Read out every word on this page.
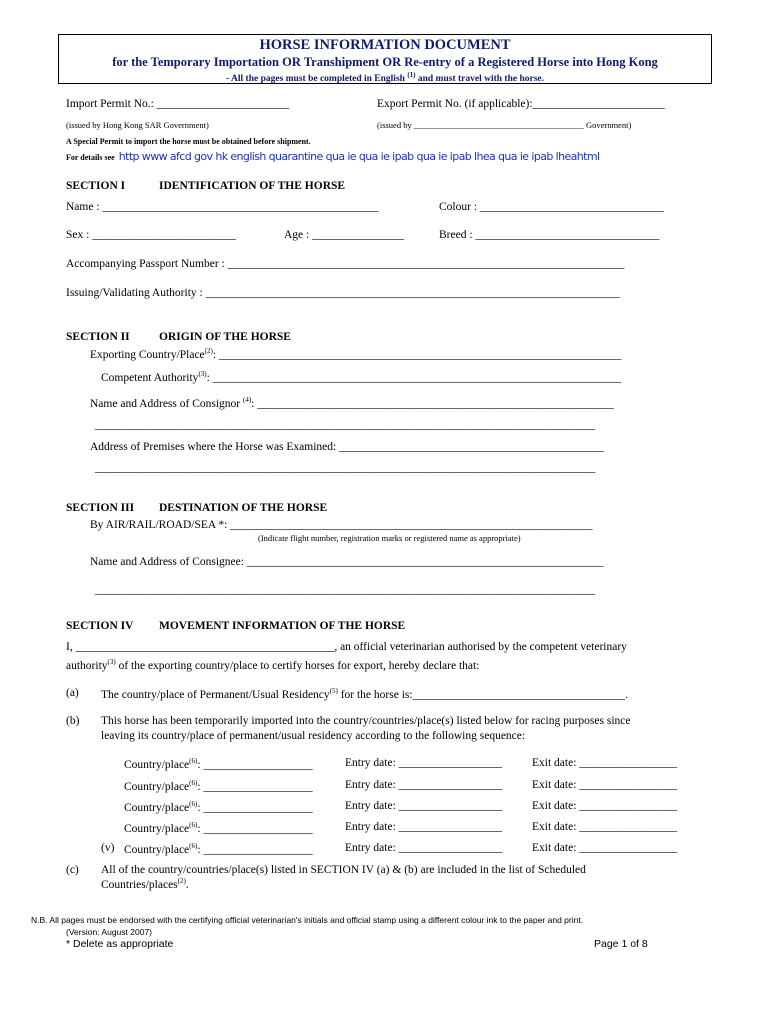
HORSE INFORMATION DOCUMENT
for the Temporary Importation OR Transhipment OR Re-entry of a Registered Horse into Hong Kong
- All the pages must be completed in English $^{(1)}$ and must travel with the horse.
Import Permit No.: _______________________	Export Permit No. (if applicable):_______________________
(issued by Hong Kong SAR Government)	(issued by ________________________________________ Government)
A Special Permit to import the horse must be obtained before shipment.
For details see http www afcd gov hk english quarantine qua ie qua ie ipab qua ie ipab lhea qua ie ipab lheahtml
SECTION I	IDENTIFICATION OF THE HORSE
Name : ________________________________________________	Colour : ________________________________
Sex : _________________________	Age : ________________	Breed : ________________________________
Accompanying Passport Number : _____________________________________________________________________
Issuing/Validating Authority : ________________________________________________________________________
SECTION II	ORIGIN OF THE HORSE
Exporting Country/Place$^{(2)}$: ______________________________________________________________________
Competent Authority$^{(3)}$: _______________________________________________________________________
Name and Address of Consignor $^{(4)}$: ______________________________________________________________
_______________________________________________________________________________________
Address of Premises where the Horse was Examined: ______________________________________________
_______________________________________________________________________________________
SECTION III DESTINATION OF THE HORSE
By AIR/RAIL/ROAD/SEA *: _______________________________________________________________
(Indicate flight number, registration marks or registered name as appropriate)
Name and Address of Consignee: ______________________________________________________________
_______________________________________________________________________________________
SECTION IV MOVEMENT INFORMATION OF THE HORSE
I, _____________________________________________, an official veterinarian authorised by the competent veterinary
authority$^{(3)}$ of the exporting country/place to certify horses for export, hereby declare that:
(a) The country/place of Permanent/Usual Residency$^{(5)}$ for the horse is:_____________________________________.
(b) This horse has been temporarily imported into the country/countries/place(s) listed below for racing purposes since
leaving its country/place of permanent/usual residency according to the following sequence:
Country/place$^{(6)}$: ___________________	Entry date: __________________	Exit date: _________________
Country/place$^{(6)}$: ___________________	Entry date: __________________	Exit date: _________________
Country/place$^{(6)}$: ___________________	Entry date: __________________	Exit date: _________________
Country/place$^{(6)}$: ___________________	Entry date: __________________	Exit date: _________________
(v) Country/place$^{(6)}$: ___________________	Entry date: __________________	Exit date: _________________
(c) All of the country/countries/place(s) listed in SECTION IV (a) & (b) are included in the list of Scheduled
Countries/places$^{(2)}$.
N.B. All pages must be endorsed with the certifying official veterinarian's initials and official stamp using a different colour ink to the paper and print.
(Version: August 2007)
* Delete as appropriate	Page 1 of 8
